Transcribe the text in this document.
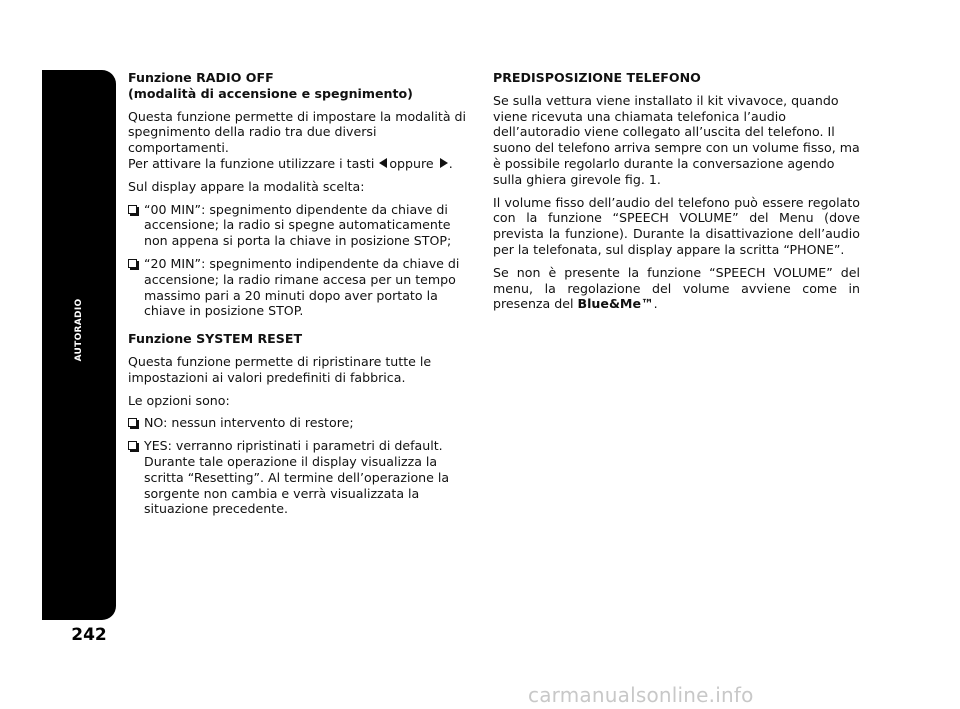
AUTORADIO
242

Funzione RADIO OFF

(modalità di accensione e spegnimento)

Questa funzione permette di impostare la modalità di spegnimento della radio tra due diversi comportamenti.

Per attivare la funzione utilizzare i tasti oppure .

Sul display appare la modalità scelta:

“00 MIN”: spegnimento dipendente da chiave di accensione; la radio si spegne automaticamente non appena si porta la chiave in posizione STOP;
“20 MIN”: spegnimento indipendente da chiave di accensione; la radio rimane accesa per un tempo massimo pari a 20 minuti dopo aver portato la chiave in posizione STOP.

Funzione SYSTEM RESET

Questa funzione permette di ripristinare tutte le impostazioni ai valori predefiniti di fabbrica.

Le opzioni sono:

NO: nessun intervento di restore;
YES: verranno ripristinati i parametri di default. Durante tale operazione il display visualizza la scritta “Resetting”. Al termine dell’operazione la sorgente non cambia e verrà visualizzata la situazione precedente.

PREDISPOSIZIONE TELEFONO

Se sulla vettura viene installato il kit vivavoce, quando viene ricevuta una chiamata telefonica l’audio dell’autoradio viene collegato all’uscita del telefono. Il suono del telefono arriva sempre con un volume fisso, ma è possibile regolarlo durante la conversazione agendo sulla ghiera girevole fig. 1.

Il volume fisso dell’audio del telefono può essere regolato con la funzione “SPEECH VOLUME” del Menu (dove prevista la funzione). Durante la disattivazione dell’audio per la telefonata, sul display appare la scritta “PHONE”.

Se non è presente la funzione “SPEECH VOLUME” del menu, la regolazione del volume avviene come in presenza del Blue&Me™.

carmanualsonline.info
